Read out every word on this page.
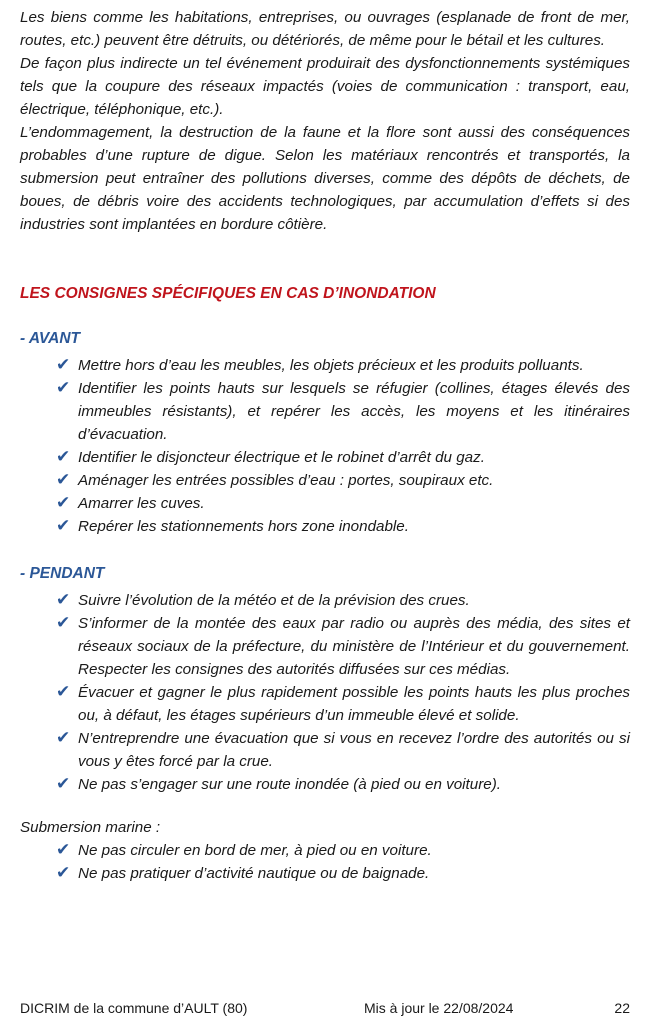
Les biens comme les habitations, entreprises, ou ouvrages (esplanade de front de mer, routes, etc.) peuvent être détruits, ou détériorés, de même pour le bétail et les cultures.

De façon plus indirecte un tel événement produirait des dysfonctionnements systémiques tels que la coupure des réseaux impactés (voies de communication : transport, eau, électrique, téléphonique, etc.).

L’endommagement, la destruction de la faune et la flore sont aussi des conséquences probables d’une rupture de digue. Selon les matériaux rencontrés et transportés, la submersion peut entraîner des pollutions diverses, comme des dépôts de déchets, de boues, de débris voire des accidents technologiques, par accumulation d’effets si des industries sont implantées en bordure côtière.

LES CONSIGNES SPÉCIFIQUES EN CAS D’INONDATION
- AVANT
✔ Mettre hors d’eau les meubles, les objets précieux et les produits polluants.
✔ Identifier les points hauts sur lesquels se réfugier (collines, étages élevés des immeubles résistants), et repérer les accès, les moyens et les itinéraires d’évacuation.
✔ Identifier le disjoncteur électrique et le robinet d’arrêt du gaz.
✔ Aménager les entrées possibles d’eau : portes, soupiraux etc.
✔ Amarrer les cuves.
✔ Repérer les stationnements hors zone inondable.
- PENDANT
✔ Suivre l’évolution de la météo et de la prévision des crues.
✔ S’informer de la montée des eaux par radio ou auprès des média, des sites et réseaux sociaux de la préfecture, du ministère de l’Intérieur et du gouvernement. Respecter les consignes des autorités diffusées sur ces médias.
✔ Évacuer et gagner le plus rapidement possible les points hauts les plus proches ou, à défaut, les étages supérieurs d’un immeuble élevé et solide.
✔ N’entreprendre une évacuation que si vous en recevez l’ordre des autorités ou si vous y êtes forcé par la crue.
✔ Ne pas s’engager sur une route inondée (à pied ou en voiture).

Submersion marine :

✔ Ne pas circuler en bord de mer, à pied ou en voiture.
✔ Ne pas pratiquer d’activité nautique ou de baignade.
DICRIM de la commune d’AULT (80)	Mis à jour le 22/08/2024	22
